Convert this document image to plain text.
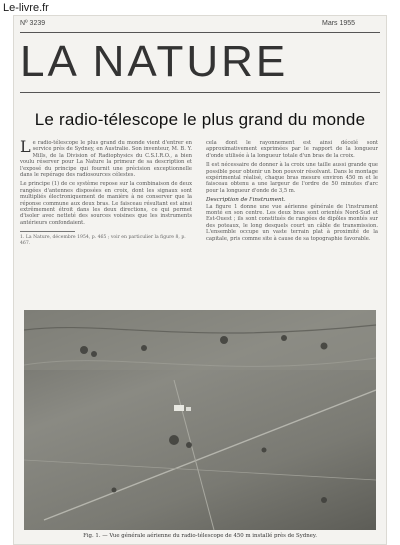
Le-livre.fr
Nº 3239	Mars 1955
LA NATURE
Le radio-télescope le plus grand du monde

Le radio-télescope le plus grand du monde vient d'entrer en service près de Sydney, en Australie. Son inventeur, M. B. Y. Mills, de la Division of Radiophysics du C.S.I.R.O., a bien voulu réserver pour La Nature la primeur de sa description et l'exposé du principe qui fournit une précision exceptionnelle dans le repérage des radiosources célestes.

Le principe (1) de ce système repose sur la combinaison de deux rangées d'antennes disposées en croix, dont les signaux sont multipliés électroniquement de manière à ne conserver que la réponse commune aux deux bras. Le faisceau résultant est ainsi extrêmement étroit dans les deux directions, ce qui permet d'isoler avec netteté des sources voisines que les instruments antérieurs confondaient.

1. La Nature, décembre 1954, p. 465 ; voir en particulier la figure 8, p. 467.

cela dont le rayonnement est ainsi décelé sont approximativement exprimées par le rapport de la longueur d'onde utilisée à la longueur totale d'un bras de la croix.

Il est nécessaire de donner à la croix une taille aussi grande que possible pour obtenir un bon pouvoir résolvant. Dans le montage expérimental réalisé, chaque bras mesure environ 450 m et le faisceau obtenu a une largeur de l'ordre de 50 minutes d'arc pour la longueur d'onde de 3,5 m.

Description de l'instrument.

La figure 1 donne une vue aérienne générale de l'instrument monté en son centre. Les deux bras sont orientés Nord-Sud et Est-Ouest ; ils sont constitués de rangées de dipôles montés sur des poteaux, le long desquels court un câble de transmission. L'ensemble occupe un vaste terrain plat à proximité de la capitale, pris comme site à cause de sa topographie favorable.

Fig. 1. — Vue générale aérienne du radio-télescope de 450 m installé près de Sydney.
